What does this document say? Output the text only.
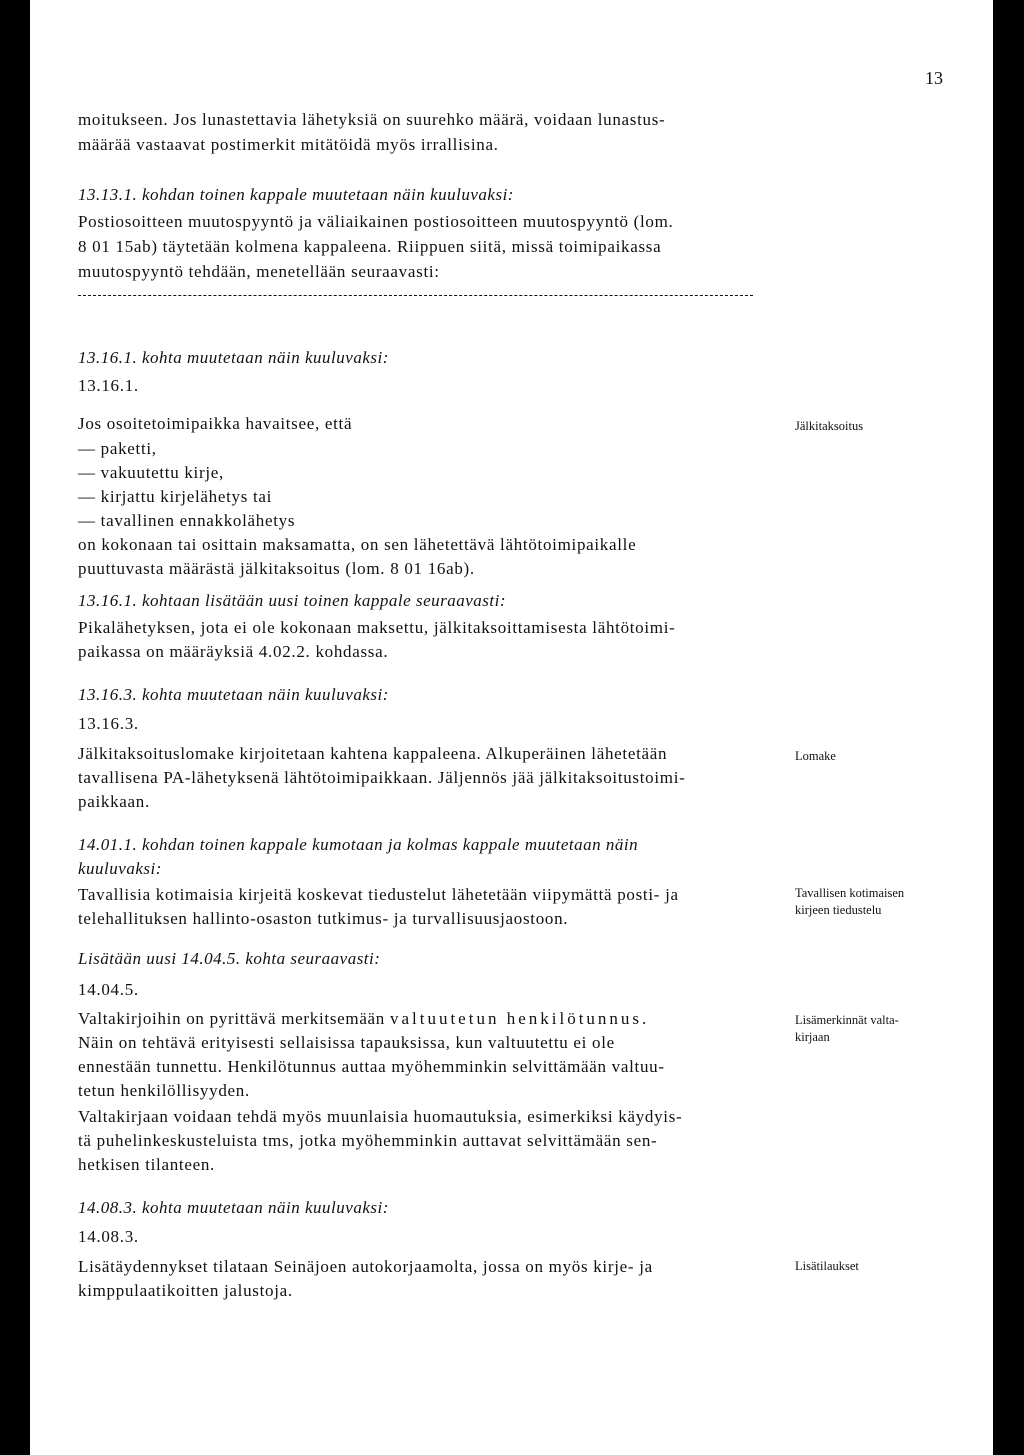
13

moitukseen. Jos lunastettavia lähetyksiä on suurehko määrä, voidaan lunastus-

määrää vastaavat postimerkit mitätöidä myös irrallisina.

13.13.1. kohdan toinen kappale muutetaan näin kuuluvaksi:

Postiosoitteen muutospyyntö ja väliaikainen postiosoitteen muutospyyntö (lom.

8 01 15ab) täytetään kolmena kappaleena. Riippuen siitä, missä toimipaikassa

muutospyyntö tehdään, menetellään seuraavasti:

13.16.1. kohta muutetaan näin kuuluvaksi:

13.16.1.

Jos osoitetoimipaikka havaitsee, että

— paketti,

— vakuutettu kirje,

— kirjattu kirjelähetys tai

— tavallinen ennakkolähetys

on kokonaan tai osittain maksamatta, on sen lähetettävä lähtötoimipaikalle

puuttuvasta määrästä jälkitaksoitus (lom. 8 01 16ab).

Jälkitaksoitus

13.16.1. kohtaan lisätään uusi toinen kappale seuraavasti:

Pikalähetyksen, jota ei ole kokonaan maksettu, jälkitaksoittamisesta lähtötoimi-

paikassa on määräyksiä 4.02.2. kohdassa.

13.16.3. kohta muutetaan näin kuuluvaksi:

13.16.3.

Jälkitaksoituslomake kirjoitetaan kahtena kappaleena. Alkuperäinen lähetetään

tavallisena PA-lähetyksenä lähtötoimipaikkaan. Jäljennös jää jälkitaksoitustoimi-

paikkaan.

Lomake

14.01.1. kohdan toinen kappale kumotaan ja kolmas kappale muutetaan näin

kuuluvaksi:

Tavallisia kotimaisia kirjeitä koskevat tiedustelut lähetetään viipymättä posti- ja

telehallituksen hallinto-osaston tutkimus- ja turvallisuusjaostoon.

Tavallisen kotimaisen

kirjeen tiedustelu

Lisätään uusi 14.04.5. kohta seuraavasti:

14.04.5.

Valtakirjoihin on pyrittävä merkitsemään valtuutetun henkilötunnus.

Näin on tehtävä erityisesti sellaisissa tapauksissa, kun valtuutettu ei ole

ennestään tunnettu. Henkilötunnus auttaa myöhemminkin selvittämään valtuu-

tetun henkilöllisyyden.

Valtakirjaan voidaan tehdä myös muunlaisia huomautuksia, esimerkiksi käydyis-

tä puhelinkeskusteluista tms, jotka myöhemminkin auttavat selvittämään sen-

hetkisen tilanteen.

Lisämerkinnät valta-

kirjaan

14.08.3. kohta muutetaan näin kuuluvaksi:

14.08.3.

Lisätäydennykset tilataan Seinäjoen autokorjaamolta, jossa on myös kirje- ja

kimppulaatikoitten jalustoja.

Lisätilaukset
